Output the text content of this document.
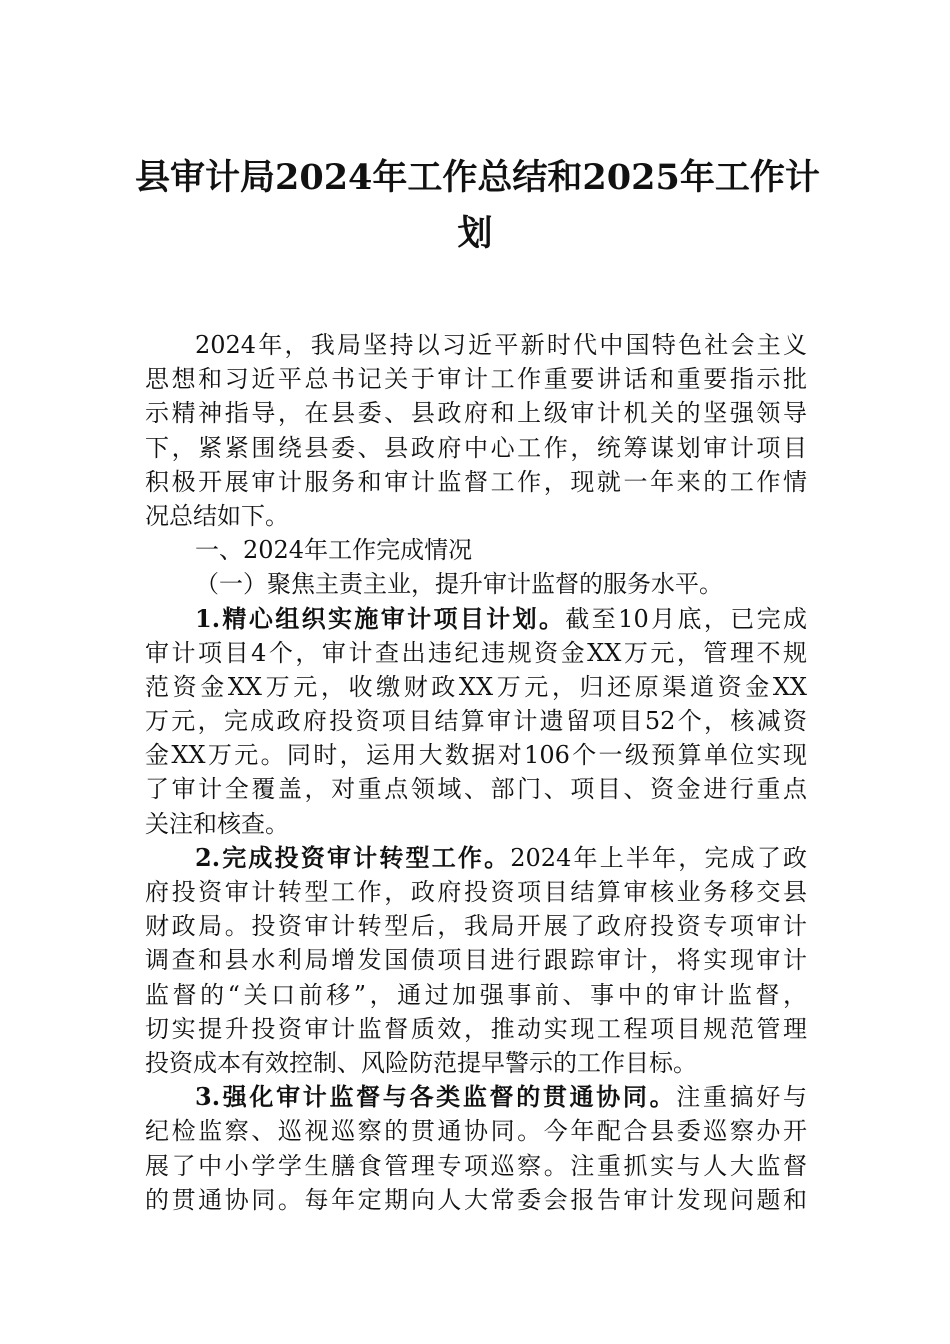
县审计局2024年工作总结和2025年工作计
划
2024年，我局坚持以习近平新时代中国特色社会主义
思想和习近平总书记关于审计工作重要讲话和重要指示批
示精神指导，在县委、县政府和上级审计机关的坚强领导
下，紧紧围绕县委、县政府中心工作，统筹谋划审计项目
积极开展审计服务和审计监督工作，现就一年来的工作情
况总结如下。
一、2024年工作完成情况
（一）聚焦主责主业，提升审计监督的服务水平。
1.精心组织实施审计项目计划。截至10月底，已完成
审计项目4个，审计查出违纪违规资金XX万元，管理不规
范资金XX万元，收缴财政XX万元，归还原渠道资金XX
万元，完成政府投资项目结算审计遗留项目52个，核减资
金XX万元。同时，运用大数据对106个一级预算单位实现
了审计全覆盖，对重点领域、部门、项目、资金进行重点
关注和核查。
2.完成投资审计转型工作。2024年上半年，完成了政
府投资审计转型工作，政府投资项目结算审核业务移交县
财政局。投资审计转型后，我局开展了政府投资专项审计
调查和县水利局增发国债项目进行跟踪审计，将实现审计
监督的“关口前移”，通过加强事前、事中的审计监督，
切实提升投资审计监督质效，推动实现工程项目规范管理
投资成本有效控制、风险防范提早警示的工作目标。
3.强化审计监督与各类监督的贯通协同。注重搞好与
纪检监察、巡视巡察的贯通协同。今年配合县委巡察办开
展了中小学学生膳食管理专项巡察。注重抓实与人大监督
的贯通协同。每年定期向人大常委会报告审计发现问题和
